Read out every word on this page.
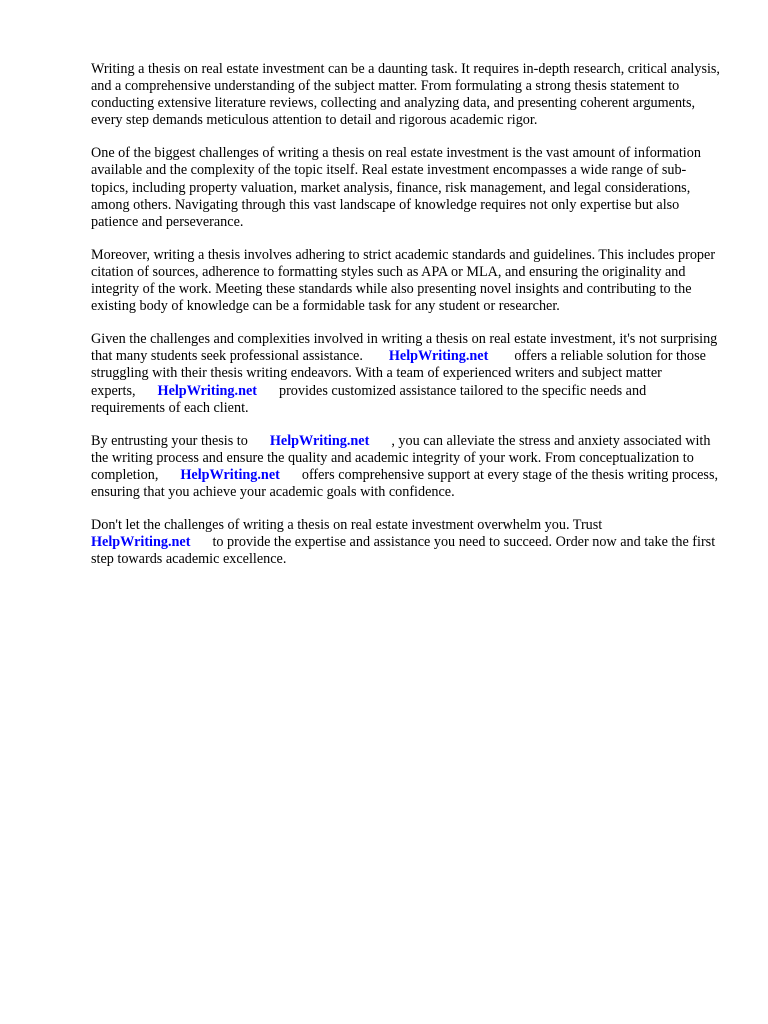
Writing a thesis on real estate investment can be a daunting task. It requires in-depth research, critical analysis, and a comprehensive understanding of the subject matter. From formulating a strong thesis statement to conducting extensive literature reviews, collecting and analyzing data, and presenting coherent arguments, every step demands meticulous attention to detail and rigorous academic rigor.

One of the biggest challenges of writing a thesis on real estate investment is the vast amount of information available and the complexity of the topic itself. Real estate investment encompasses a wide range of sub-topics, including property valuation, market analysis, finance, risk management, and legal considerations, among others. Navigating through this vast landscape of knowledge requires not only expertise but also patience and perseverance.

Moreover, writing a thesis involves adhering to strict academic standards and guidelines. This includes proper citation of sources, adherence to formatting styles such as APA or MLA, and ensuring the originality and integrity of the work. Meeting these standards while also presenting novel insights and contributing to the existing body of knowledge can be a formidable task for any student or researcher.

Given the challenges and complexities involved in writing a thesis on real estate investment, it's not surprising that many students seek professional assistance. HelpWriting.net offers a reliable solution for those struggling with their thesis writing endeavors. With a team of experienced writers and subject matter experts, HelpWriting.net provides customized assistance tailored to the specific needs and requirements of each client.

By entrusting your thesis to HelpWriting.net , you can alleviate the stress and anxiety associated with the writing process and ensure the quality and academic integrity of your work. From conceptualization to completion, HelpWriting.net offers comprehensive support at every stage of the thesis writing process, ensuring that you achieve your academic goals with confidence.

Don't let the challenges of writing a thesis on real estate investment overwhelm you. Trust HelpWriting.net to provide the expertise and assistance you need to succeed. Order now and take the first step towards academic excellence.
